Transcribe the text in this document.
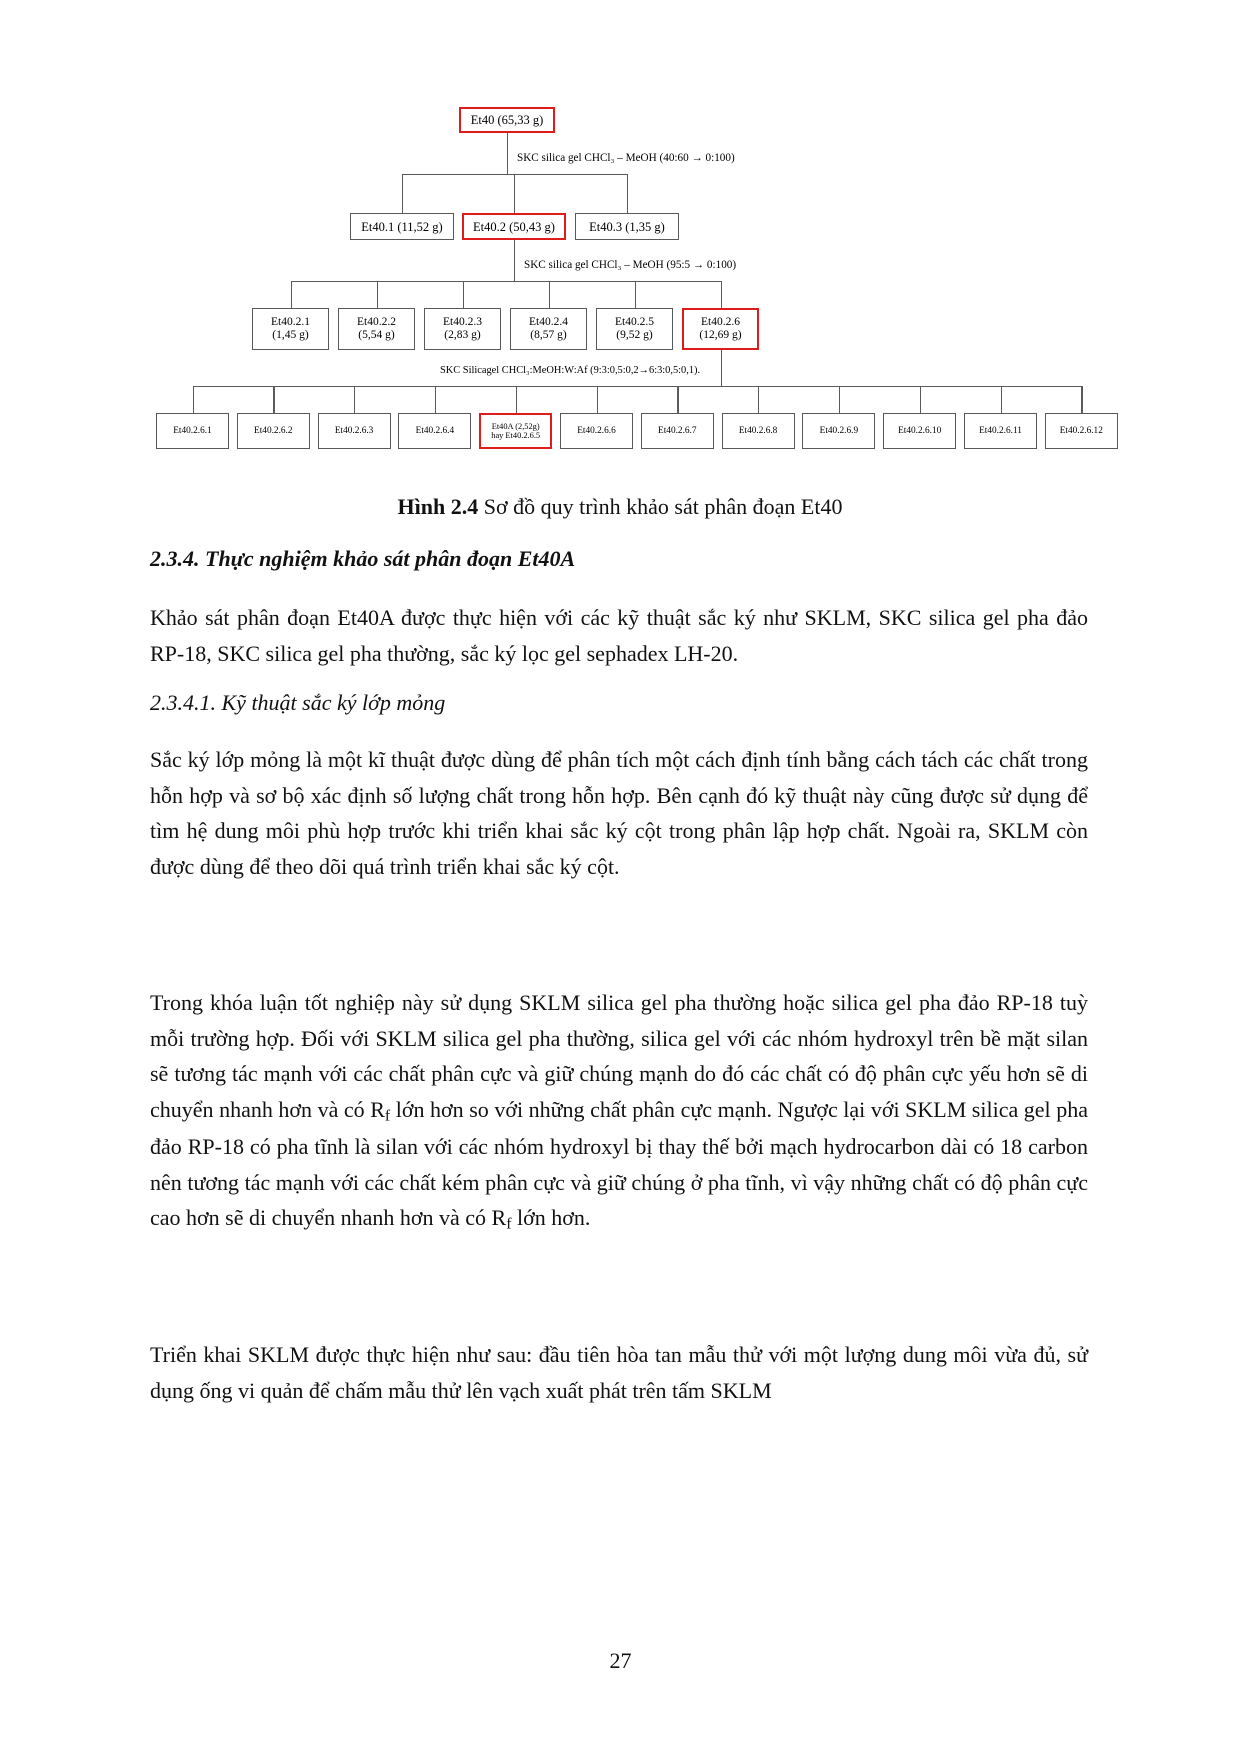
Et40 (65,33 g)
SKC silica gel CHCl₃ – MeOH (40:60 → 0:100)
Et40.1 (11,52 g) Et40.2 (50,43 g)	Et40.3 (1,35 g)
SKC silica gel CHCl₃ – MeOH (95:5 → 0:100)
Et40.2.1
(1,45 g)
Et40.2.2
(5,54 g)
Et40.2.3
(2,83 g)
Et40.2.4
(8,57 g)
Et40.2.5
(9,52 g)
Et40.2.6
(12,69 g)
SKC Silicagel CHCl₃:MeOH:W:Af (9:3:0,5:0,2→6:3:0,5:0,1).
Et40.2.6.1	Et40.2.6.2	Et40.2.6.3	Et40.2.6.4	Et40A (2,52g)
hay Et40.2.6.5	Et40.2.6.6	Et40.2.6.7	Et40.2.6.8	Et40.2.6.9	Et40.2.6.10	Et40.2.6.11	Et40.2.6.12
Hình 2.4 Sơ đồ quy trình khảo sát phân đoạn Et40
2.3.4. Thực nghiệm khảo sát phân đoạn Et40A
Khảo sát phân đoạn Et40A được thực hiện với các kỹ thuật sắc ký như SKLM, SKC silica gel pha đảo RP-18, SKC silica gel pha thường, sắc ký lọc gel sephadex LH-20.
2.3.4.1. Kỹ thuật sắc ký lớp mỏng
Sắc ký lớp mỏng là một kĩ thuật được dùng để phân tích một cách định tính bằng cách tách các chất trong hỗn hợp và sơ bộ xác định số lượng chất trong hỗn hợp. Bên cạnh đó kỹ thuật này cũng được sử dụng để tìm hệ dung môi phù hợp trước khi triển khai sắc ký cột trong phân lập hợp chất. Ngoài ra, SKLM còn được dùng để theo dõi quá trình triển khai sắc ký cột.
Trong khóa luận tốt nghiệp này sử dụng SKLM silica gel pha thường hoặc silica gel pha đảo RP-18 tuỳ mỗi trường hợp. Đối với SKLM silica gel pha thường, silica gel với các nhóm hydroxyl trên bề mặt silan sẽ tương tác mạnh với các chất phân cực và giữ chúng mạnh do đó các chất có độ phân cực yếu hơn sẽ di chuyển nhanh hơn và có $R_f$ lớn hơn so với những chất phân cực mạnh. Ngược lại với SKLM silica gel pha đảo RP-18 có pha tĩnh là silan với các nhóm hydroxyl bị thay thế bởi mạch hydrocarbon dài có 18 carbon nên tương tác mạnh với các chất kém phân cực và giữ chúng ở pha tĩnh, vì vậy những chất có độ phân cực cao hơn sẽ di chuyển nhanh hơn và có $R_f$ lớn hơn.
Triển khai SKLM được thực hiện như sau: đầu tiên hòa tan mẫu thử với một lượng dung môi vừa đủ, sử dụng ống vi quản để chấm mẫu thử lên vạch xuất phát trên tấm SKLM
27
